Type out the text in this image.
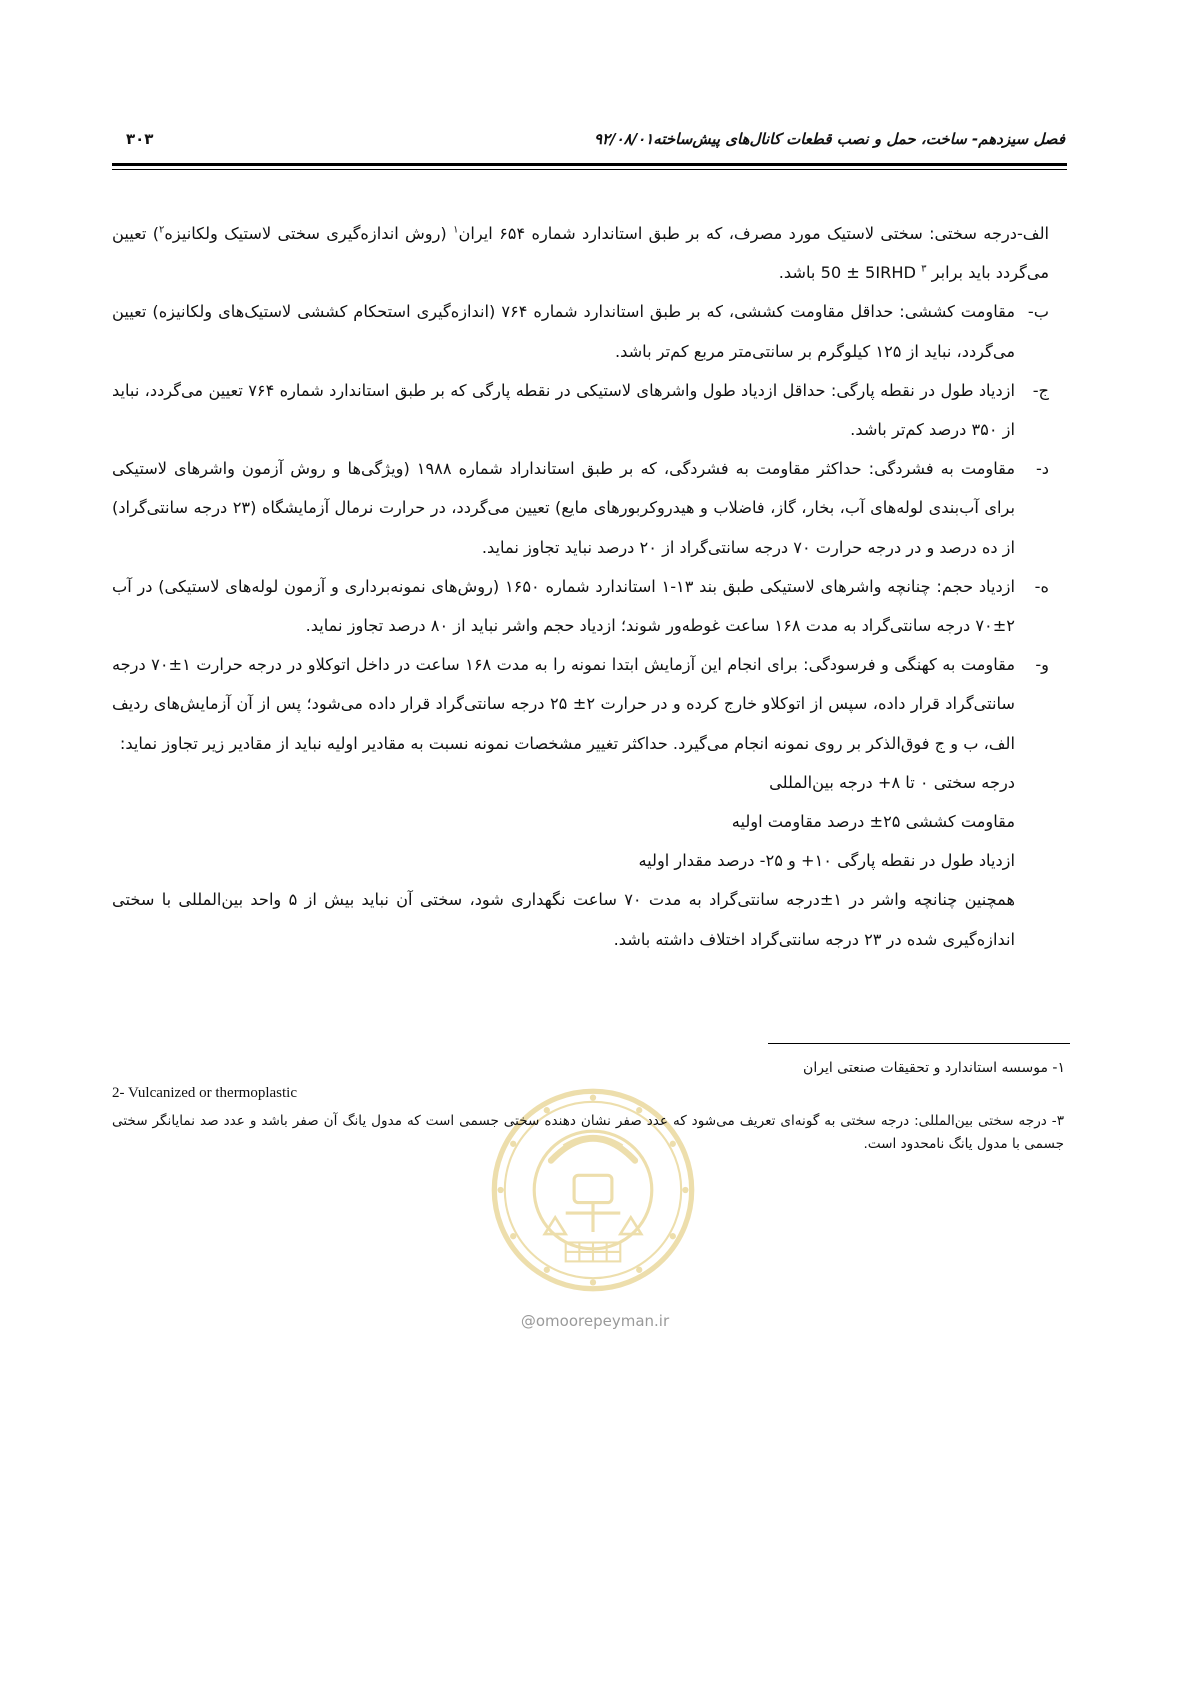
فصل سیزدهم- ساخت، حمل و نصب قطعات کانال‌های پیش‌ساخته۹۲/۰۸/۰۱
۳۰۳

الف-درجه سختی: سختی لاستیک مورد مصرف، که بر طبق استاندارد شماره ۶۵۴ ایران$^۱$ (روش اندازه‌گیری سختی لاستیک ولکانیزه$^۲$) تعیین می‌گردد باید برابر 50 ± 5IRHD $^۳$ باشد.

ب-
مقاومت کششی: حداقل مقاومت کششی، که بر طبق استاندارد شماره ۷۶۴ (اندازه‌گیری استحکام کششی لاستیک‌های ولکانیزه) تعیین می‌گردد، نباید از ۱۲۵ کیلوگرم بر سانتی‌متر مربع کم‌تر باشد.

ج-
ازدیاد طول در نقطه پارگی: حداقل ازدیاد طول واشرهای لاستیکی در نقطه پارگی که بر طبق استاندارد شماره ۷۶۴ تعیین می‌گردد، نباید از ۳۵۰ درصد کم‌تر باشد.

د-
مقاومت به فشردگی: حداکثر مقاومت به فشردگی، که بر طبق استانداراد شماره ۱۹۸۸ (ویژگی‌ها و روش آزمون واشرهای لاستیکی برای آب‌بندی لوله‌های آب، بخار، گاز، فاضلاب و هیدروکربورهای مایع) تعیین می‌گردد، در حرارت نرمال آزمایشگاه (۲۳ درجه سانتی‌گراد) از ده درصد و در درجه حرارت ۷۰ درجه سانتی‌گراد از ۲۰ درصد نباید تجاوز نماید.

ه-
ازدیاد حجم: چنانچه واشرهای لاستیکی طبق بند ۱۳-۱ استاندارد شماره ۱۶۵۰ (روش‌های نمونه‌برداری و آزمون لوله‌های لاستیکی) در آب ۲±۷۰ درجه سانتی‌گراد به مدت ۱۶۸ ساعت غوطه‌ور شوند؛ ازدیاد حجم واشر نباید از ۸۰ درصد تجاوز نماید.

و-
مقاومت به کهنگی و فرسودگی: برای انجام این آزمایش ابتدا نمونه را به مدت ۱۶۸ ساعت در داخل اتوکلاو در درجه حرارت ۱±۷۰ درجه سانتی‌گراد قرار داده، سپس از اتوکلاو خارج کرده و در حرارت ۲± ۲۵ درجه سانتی‌گراد قرار داده می‌شود؛ پس از آن آزمایش‌های ردیف الف، ب و ج فوق‌الذکر بر روی نمونه انجام می‌گیرد. حداکثر تغییر مشخصات نمونه نسبت به مقادیر اولیه نباید از مقادیر زیر تجاوز نماید:

درجه سختی ۰ تا ۸+ درجه بین‌المللی

مقاومت کششی ۲۵± درصد مقاومت اولیه

ازدیاد طول در نقطه پارگی ۱۰+ و ۲۵- درصد مقدار اولیه

همچنین چنانچه واشر در ۱±درجه سانتی‌گراد به مدت ۷۰ ساعت نگهداری شود، سختی آن نباید بیش از ۵ واحد بین‌المللی با سختی اندازه‌گیری شده در ۲۳ درجه سانتی‌گراد اختلاف داشته باشد.

@omoorepeyman.ir
۱- موسسه استاندارد و تحقیقات صنعتی ایران
2- Vulcanized or thermoplastic
۳- درجه سختی بین‌المللی: درجه سختی به گونه‌ای تعریف می‌شود که عدد صفر نشان دهنده سختی جسمی است که مدول یانگ آن صفر باشد و عدد صد نمایانگر سختی جسمی با مدول یانگ نامحدود است.
